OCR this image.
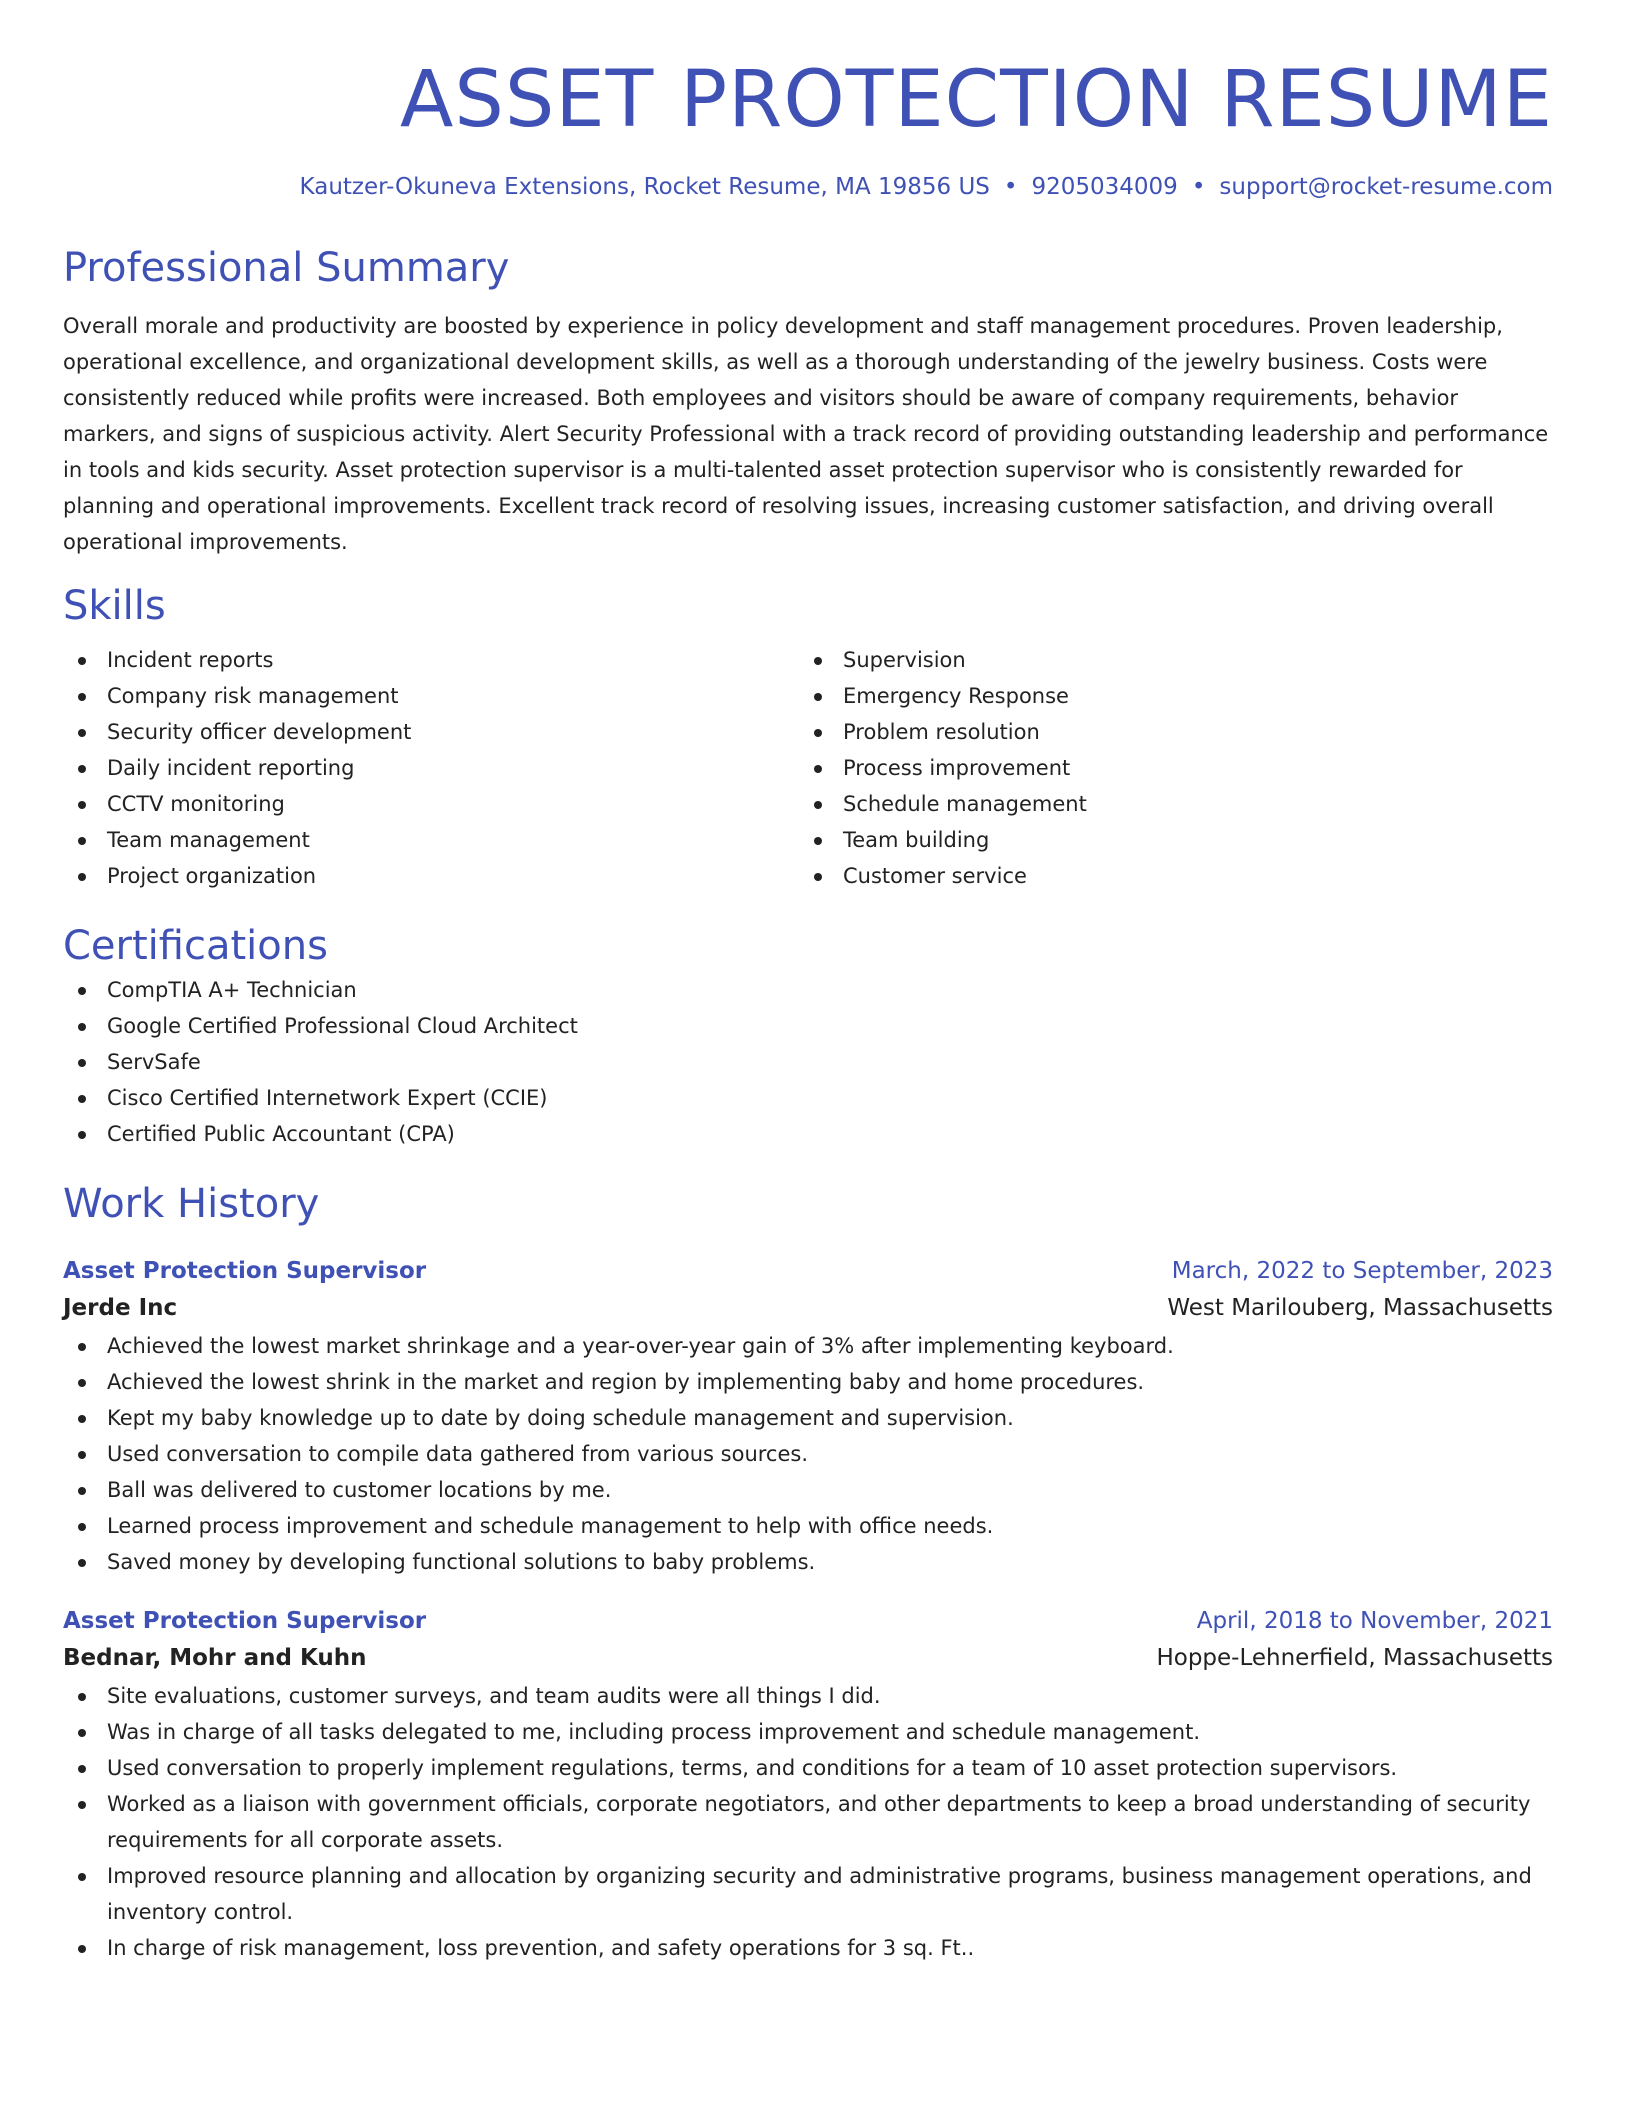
ASSET PROTECTION RESUME
Kautzer-Okuneva Extensions, Rocket Resume, MA 19856 US • 9205034009 • support@rocket-resume.com
Professional Summary

Overall morale and productivity are boosted by experience in policy development and staff management procedures. Proven leadership, operational excellence, and organizational development skills, as well as a thorough understanding of the jewelry business. Costs were consistently reduced while profits were increased. Both employees and visitors should be aware of company requirements, behavior markers, and signs of suspicious activity. Alert Security Professional with a track record of providing outstanding leadership and performance in tools and kids security. Asset protection supervisor is a multi-talented asset protection supervisor who is consistently rewarded for planning and operational improvements. Excellent track record of resolving issues, increasing customer satisfaction, and driving overall operational improvements.

Skills
Incident reports
Company risk management
Security officer development
Daily incident reporting
CCTV monitoring
Team management
Project organization
Supervision
Emergency Response
Problem resolution
Process improvement
Schedule management
Team building
Customer service
Certifications
CompTIA A+ Technician
Google Certified Professional Cloud Architect
ServSafe
Cisco Certified Internetwork Expert (CCIE)
Certified Public Accountant (CPA)
Work History
Asset Protection Supervisor	March, 2022 to September, 2023
Jerde Inc	West Marilouberg, Massachusetts
Achieved the lowest market shrinkage and a year-over-year gain of 3% after implementing keyboard.
Achieved the lowest shrink in the market and region by implementing baby and home procedures.
Kept my baby knowledge up to date by doing schedule management and supervision.
Used conversation to compile data gathered from various sources.
Ball was delivered to customer locations by me.
Learned process improvement and schedule management to help with office needs.
Saved money by developing functional solutions to baby problems.
Asset Protection Supervisor	April, 2018 to November, 2021
Bednar, Mohr and Kuhn	Hoppe-Lehnerfield, Massachusetts
Site evaluations, customer surveys, and team audits were all things I did.
Was in charge of all tasks delegated to me, including process improvement and schedule management.
Used conversation to properly implement regulations, terms, and conditions for a team of 10 asset protection supervisors.
Worked as a liaison with government officials, corporate negotiators, and other departments to keep a broad understanding of security requirements for all corporate assets.
Improved resource planning and allocation by organizing security and administrative programs, business management operations, and inventory control.
In charge of risk management, loss prevention, and safety operations for 3 sq. Ft..
